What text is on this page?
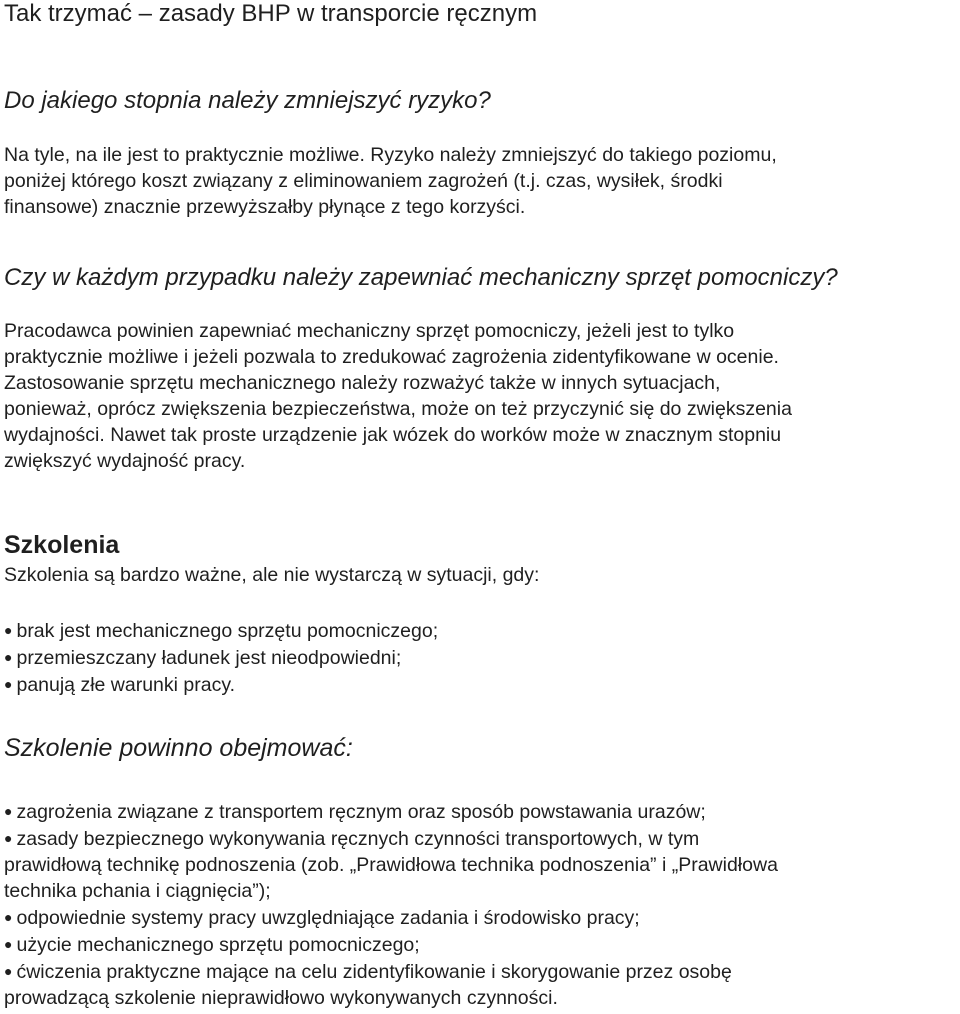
Tak trzymać – zasady BHP w transporcie ręcznym
Do jakiego stopnia należy zmniejszyć ryzyko?

Na tyle, na ile jest to praktycznie możliwe. Ryzyko należy zmniejszyć do takiego poziomu,
poniżej którego koszt związany z eliminowaniem zagrożeń (t.j. czas, wysiłek, środki
finansowe) znacznie przewyższałby płynące z tego korzyści.

Czy w każdym przypadku należy zapewniać mechaniczny sprzęt pomocniczy?

Pracodawca powinien zapewniać mechaniczny sprzęt pomocniczy, jeżeli jest to tylko
praktycznie możliwe i jeżeli pozwala to zredukować zagrożenia zidentyfikowane w ocenie.
Zastosowanie sprzętu mechanicznego należy rozważyć także w innych sytuacjach,
ponieważ, oprócz zwiększenia bezpieczeństwa, może on też przyczynić się do zwiększenia
wydajności. Nawet tak proste urządzenie jak wózek do worków może w znacznym stopniu
zwiększyć wydajność pracy.

Szkolenia

Szkolenia są bardzo ważne, ale nie wystarczą w sytuacji, gdy:

● brak jest mechanicznego sprzętu pomocniczego;
● przemieszczany ładunek jest nieodpowiedni;
● panują złe warunki pracy.
Szkolenie powinno obejmować:
● zagrożenia związane z transportem ręcznym oraz sposób powstawania urazów;
● zasady bezpiecznego wykonywania ręcznych czynności transportowych, w tym
prawidłową technikę podnoszenia (zob. „Prawidłowa technika podnoszenia” i „Prawidłowa
technika pchania i ciągnięcia”);
● odpowiednie systemy pracy uwzględniające zadania i środowisko pracy;
● użycie mechanicznego sprzętu pomocniczego;
● ćwiczenia praktyczne mające na celu zidentyfikowanie i skorygowanie przez osobę
prowadzącą szkolenie nieprawidłowo wykonywanych czynności.
